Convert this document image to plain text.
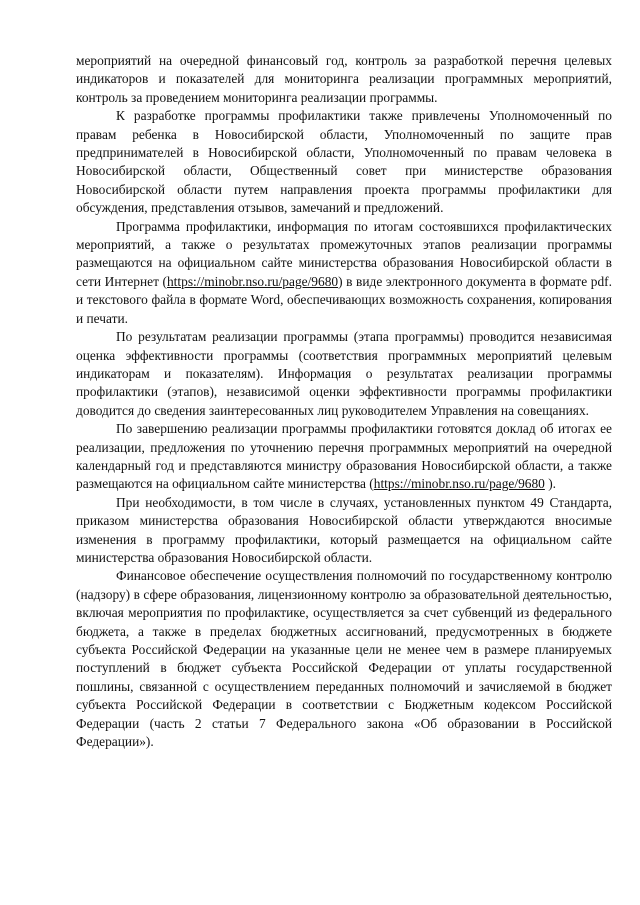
мероприятий на очередной финансовый год, контроль за разработкой перечня целевых индикаторов и показателей для мониторинга реализации программных мероприятий, контроль за проведением мониторинга реализации программы.

К разработке программы профилактики также привлечены Уполномоченный по правам ребенка в Новосибирской области, Уполномоченный по защите прав предпринимателей в Новосибирской области, Уполномоченный по правам человека в Новосибирской области, Общественный совет при министерстве образования Новосибирской области путем направления проекта программы профилактики для обсуждения, представления отзывов, замечаний и предложений.

Программа профилактики, информация по итогам состоявшихся профилактических мероприятий, а также о результатах промежуточных этапов реализации программы размещаются на официальном сайте министерства образования Новосибирской области в сети Интернет (https://minobr.nso.ru/page/9680) в виде электронного документа в формате pdf. и текстового файла в формате Word, обеспечивающих возможность сохранения, копирования и печати.

По результатам реализации программы (этапа программы) проводится независимая оценка эффективности программы (соответствия программных мероприятий целевым индикаторам и показателям). Информация о результатах реализации программы профилактики (этапов), независимой оценки эффективности программы профилактики доводится до сведения заинтересованных лиц руководителем Управления на совещаниях.

По завершению реализации программы профилактики готовятся доклад об итогах ее реализации, предложения по уточнению перечня программных мероприятий на очередной календарный год и представляются министру образования Новосибирской области, а также размещаются на официальном сайте министерства (https://minobr.nso.ru/page/9680 ).

При необходимости, в том числе в случаях, установленных пунктом 49 Стандарта, приказом министерства образования Новосибирской области утверждаются вносимые изменения в программу профилактики, который размещается на официальном сайте министерства образования Новосибирской области.

Финансовое обеспечение осуществления полномочий по государственному контролю (надзору) в сфере образования, лицензионному контролю за образовательной деятельностью, включая мероприятия по профилактике, осуществляется за счет субвенций из федерального бюджета, а также в пределах бюджетных ассигнований, предусмотренных в бюджете субъекта Российской Федерации на указанные цели не менее чем в размере планируемых поступлений в бюджет субъекта Российской Федерации от уплаты государственной пошлины, связанной с осуществлением переданных полномочий и зачисляемой в бюджет субъекта Российской Федерации в соответствии с Бюджетным кодексом Российской Федерации (часть 2 статьи 7 Федерального закона «Об образовании в Российской Федерации»).
